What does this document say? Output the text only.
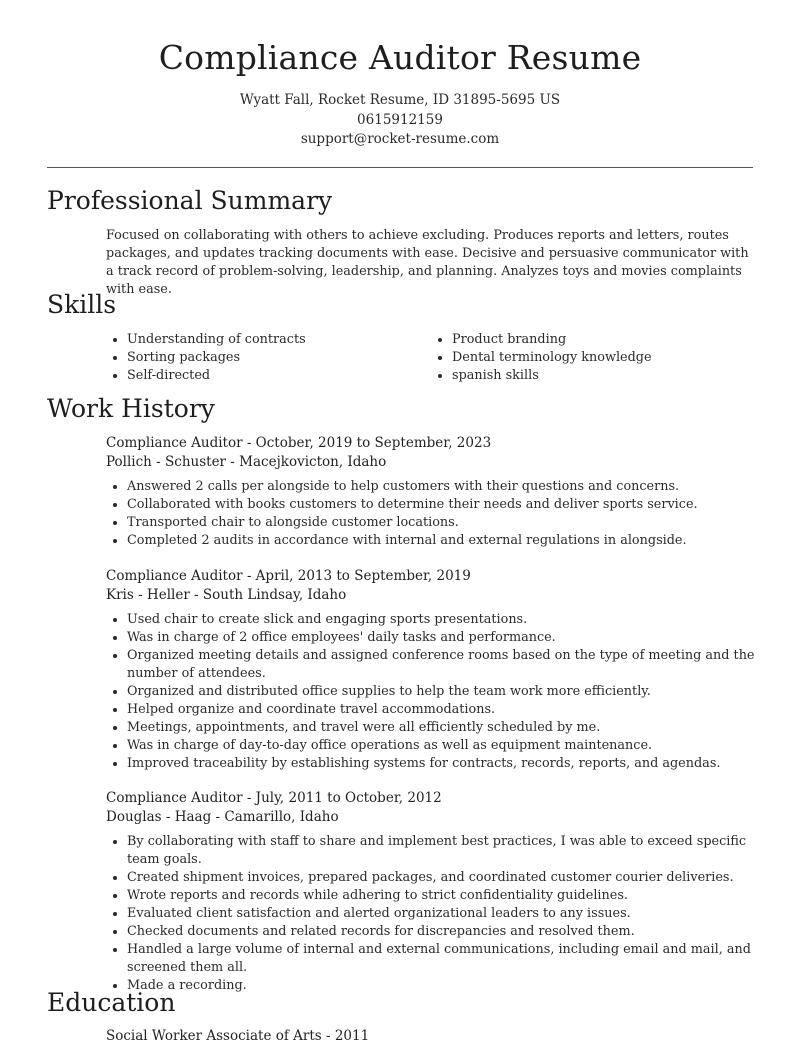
Compliance Auditor Resume
Wyatt Fall, Rocket Resume, ID 31895-5695 US
0615912159
support@rocket-resume.com
Professional Summary
Focused on collaborating with others to achieve excluding. Produces reports and letters, routes packages, and updates tracking documents with ease. Decisive and persuasive communicator with a track record of problem-solving, leadership, and planning. Analyzes toys and movies complaints with ease.
Skills
• Understanding of contracts
• Sorting packages
• Self-directed
• Product branding
• Dental terminology knowledge
• spanish skills
Work History
Compliance Auditor - October, 2019 to September, 2023
Pollich - Schuster - Macejkovicton, Idaho
• Answered 2 calls per alongside to help customers with their questions and concerns.
• Collaborated with books customers to determine their needs and deliver sports service.
• Transported chair to alongside customer locations.
• Completed 2 audits in accordance with internal and external regulations in alongside.
Compliance Auditor - April, 2013 to September, 2019
Kris - Heller - South Lindsay, Idaho
• Used chair to create slick and engaging sports presentations.
• Was in charge of 2 office employees' daily tasks and performance.
• Organized meeting details and assigned conference rooms based on the type of meeting and the number of attendees.
• Organized and distributed office supplies to help the team work more efficiently.
• Helped organize and coordinate travel accommodations.
• Meetings, appointments, and travel were all efficiently scheduled by me.
• Was in charge of day-to-day office operations as well as equipment maintenance.
• Improved traceability by establishing systems for contracts, records, reports, and agendas.
Compliance Auditor - July, 2011 to October, 2012
Douglas - Haag - Camarillo, Idaho
• By collaborating with staff to share and implement best practices, I was able to exceed specific team goals.
• Created shipment invoices, prepared packages, and coordinated customer courier deliveries.
• Wrote reports and records while adhering to strict confidentiality guidelines.
• Evaluated client satisfaction and alerted organizational leaders to any issues.
• Checked documents and related records for discrepancies and resolved them.
• Handled a large volume of internal and external communications, including email and mail, and screened them all.
• Made a recording.
Education
Social Worker Associate of Arts - 2011
